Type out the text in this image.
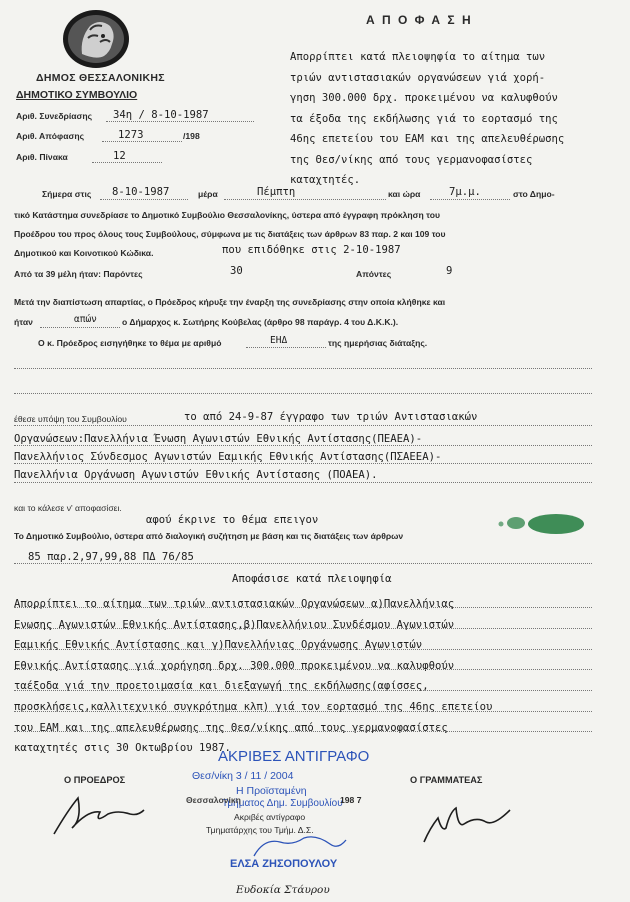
ΔΗΜΟΣ ΘΕΣΣΑΛΟΝΙΚΗΣ
ΔΗΜΟΤΙΚΟ ΣΥΜΒΟΥΛΙΟ
Αριθ. Συνεδρίασης 34η / 8-10-1987
Αριθ. Απόφασης	1273	/198
Αριθ. Πίνακα	12
Α Π Ο Φ Α Σ Η
Απορρίπτει κατά πλειοψηφία το αίτημα των
τριών αντιστασιακών οργανώσεων γιά χορή-
γηση 300.000 δρχ. προκειμένου να καλυφθούν
τα έξοδα της εκδήλωσης γιά το εορτασμό της
46ης επετείου του ΕΑΜ και της απελευθέρωσης
της Θεσ/νίκης από τους γερμανοφασίστες
καταχτητές.
Σήμερα στις 8-10-1987	μέρα	Πέμπτη	και ώρα	7μ.μ.	στο Δημο-
τικό Κατάστημα συνεδρίασε το Δημοτικό Συμβούλιο Θεσσαλονίκης, ύστερα από έγγραφη πρόκληση του
Προέδρου του προς όλους τους Συμβούλους, σύμφωνα με τις διατάξεις των άρθρων 83 παρ. 2 και 109 του
Δημοτικού και Κοινοτικού Κώδικα.	που επιδόθηκε στις 2-10-1987
Από τα 39 μέλη ήταν: Παρόντες	30	Απόντες	9
Μετά την διαπίστωση απαρτίας, ο Πρόεδρος κήρυξε την έναρξη της συνεδρίασης στην οποία κλήθηκε και
ήταν	απών	ο Δήμαρχος κ. Σωτήρης Κούβελας (άρθρο 98 παράγρ. 4 του Δ.Κ.Κ.).
Ο κ. Πρόεδρος εισηγήθηκε το θέμα με αριθμό	ΕΗΔ	της ημερήσιας διάταξης.
έθεσε υπόψη του Συμβουλίου	το από 24-9-87 έγγραφο των τριών Αντιστασιακών
Οργανώσεων:Πανελλήνια Ένωση Αγωνιστών Εθνικής Αντίστασης(ΠΕΑΕΑ)-
Πανελλήνιος Σύνδεσμος Αγωνιστών Εαμικής Εθνικής Αντίστασης(ΠΣΑΕΕΑ)-
Πανελλήνια Οργάνωση Αγωνιστών Εθνικής Αντίστασης (ΠΟΑΕΑ).
και το κάλεσε ν' αποφασίσει.
αφού έκρινε το θέμα επειγον
Το Δημοτικό Συμβούλιο, ύστερα από διαλογική συζήτηση με βάση και τις διατάξεις των άρθρων
85 παρ.2,97,99,88 ΠΔ 76/85
Αποφάσισε κατά πλειοψηφία
Απορρίπτει το αίτημα των τριών αντιστασιακών Οργανώσεων α)Πανελλήνιας
Ενωσης Αγωνιστών Εθνικής Αντίστασης,β)Πανελλήνιου Συνδέσμου Αγωνιστών
Εαμικής Εθνικής Αντίστασης και γ)Πανελλήνιας Οργάνωσης Αγωνιστών
Εθνικής Αντίστασης γιά χορήγηση δρχ. 300.000 προκειμένου να καλυφθούν
ταέξοδα γιά την προετοιμασία και διεξαγωγή της εκδήλωσης(αφίσσες,
προσκλήσεις,καλλιτεχνικό συγκρότημα κλπ) γιά τον εορτασμό της 46ης επετείου
του ΕΑΜ και της απελευθέρωσης της Θεσ/νίκης από τους γερμανοφασίστες
καταχτητές στις 30 Οκτωβρίου 1987.
ΑΚΡΙΒΕΣ ΑΝΤΙΓΡΑΦΟ
Θεσ/νίκη 3 / 11 / 2004
Η Προϊσταμένη
Τμήματος Δημ. Συμβουλίου
ΕΛΣΑ ΖΗΣΟΠΟΥΛΟΥ
Ο ΠΡΟΕΔΡΟΣ	Ο ΓΡΑΜΜΑΤΕΑΣ
Θεσσαλονίκη	198 7
Ακριβές αντίγραφο
Τμηματάρχης του Τμήμ. Δ.Σ.
Ευδοκία Στάυρου
